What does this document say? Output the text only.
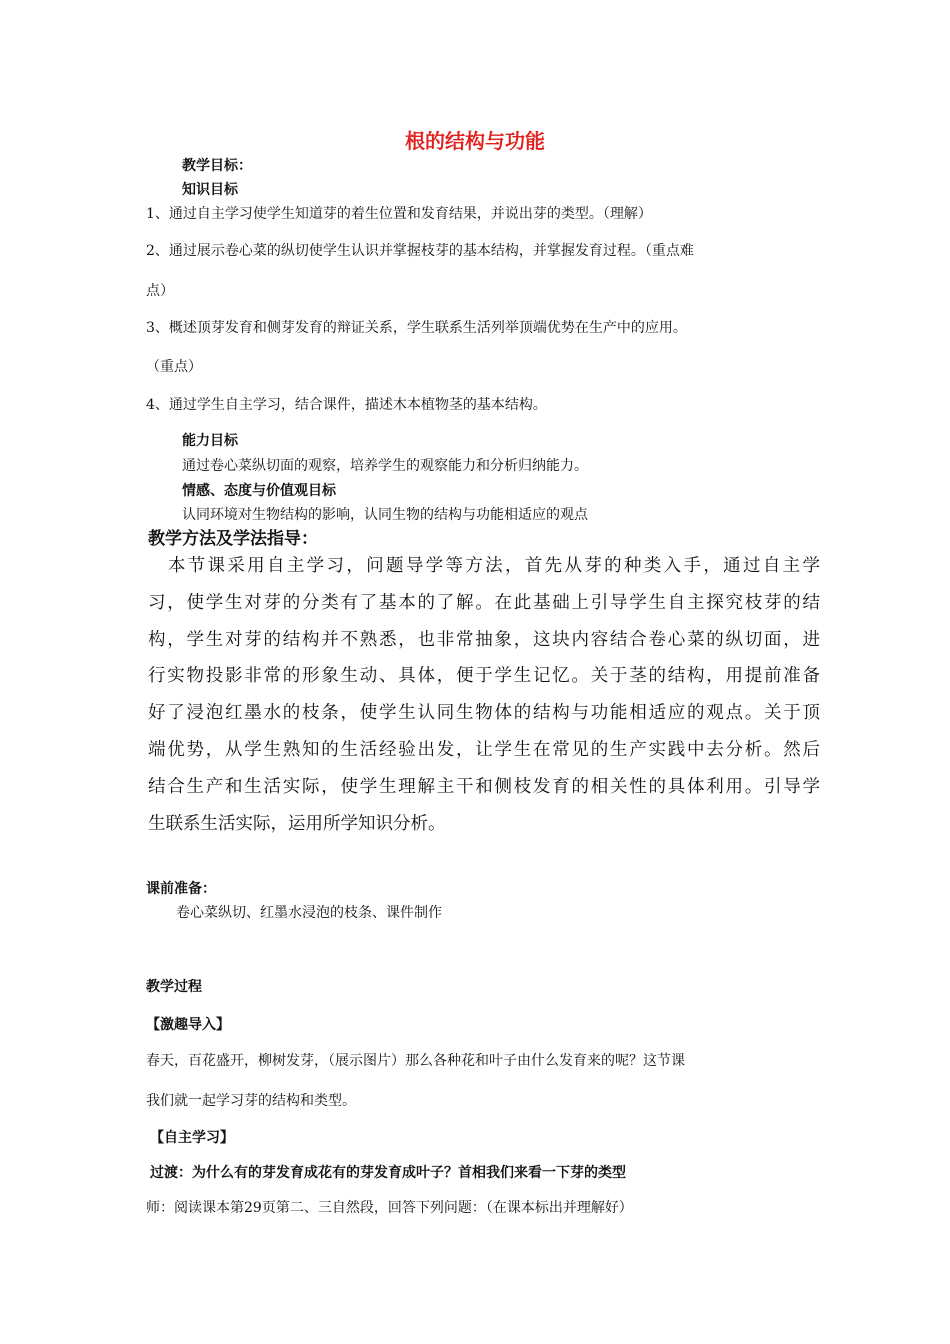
根的结构与功能
教学目标：
知识目标
1、通过自主学习使学生知道芽的着生位置和发育结果，并说出芽的类型。（理解）
2、通过展示卷心菜的纵切使学生认识并掌握枝芽的基本结构，并掌握发育过程。（重点难
点）
3、概述顶芽发育和侧芽发育的辩证关系，学生联系生活列举顶端优势在生产中的应用。
（重点）
4、通过学生自主学习，结合课件，描述木本植物茎的基本结构。
能力目标
通过卷心菜纵切面的观察，培养学生的观察能力和分析归纳能力。
情感、态度与价值观目标
认同环境对生物结构的影响，认同生物的结构与功能相适应的观点
教学方法及学法指导：
　本节课采用自主学习，问题导学等方法，首先从芽的种类入手，通过自主学
习，使学生对芽的分类有了基本的了解。在此基础上引导学生自主探究枝芽的结
构，学生对芽的结构并不熟悉，也非常抽象，这块内容结合卷心菜的纵切面，进
行实物投影非常的形象生动、具体，便于学生记忆。关于茎的结构，用提前准备
好了浸泡红墨水的枝条，使学生认同生物体的结构与功能相适应的观点。关于顶
端优势，从学生熟知的生活经验出发，让学生在常见的生产实践中去分析。然后
结合生产和生活实际，使学生理解主干和侧枝发育的相关性的具体利用。引导学
生联系生活实际，运用所学知识分析。
课前准备：
卷心菜纵切、红墨水浸泡的枝条、课件制作
教学过程
【激趣导入】
春天，百花盛开，柳树发芽，（展示图片）那么各种花和叶子由什么发育来的呢？这节课
我们就一起学习芽的结构和类型。
【自主学习】
过渡：为什么有的芽发育成花有的芽发育成叶子？首相我们来看一下芽的类型
师：阅读课本第29页第二、三自然段，回答下列问题：（在课本标出并理解好）
